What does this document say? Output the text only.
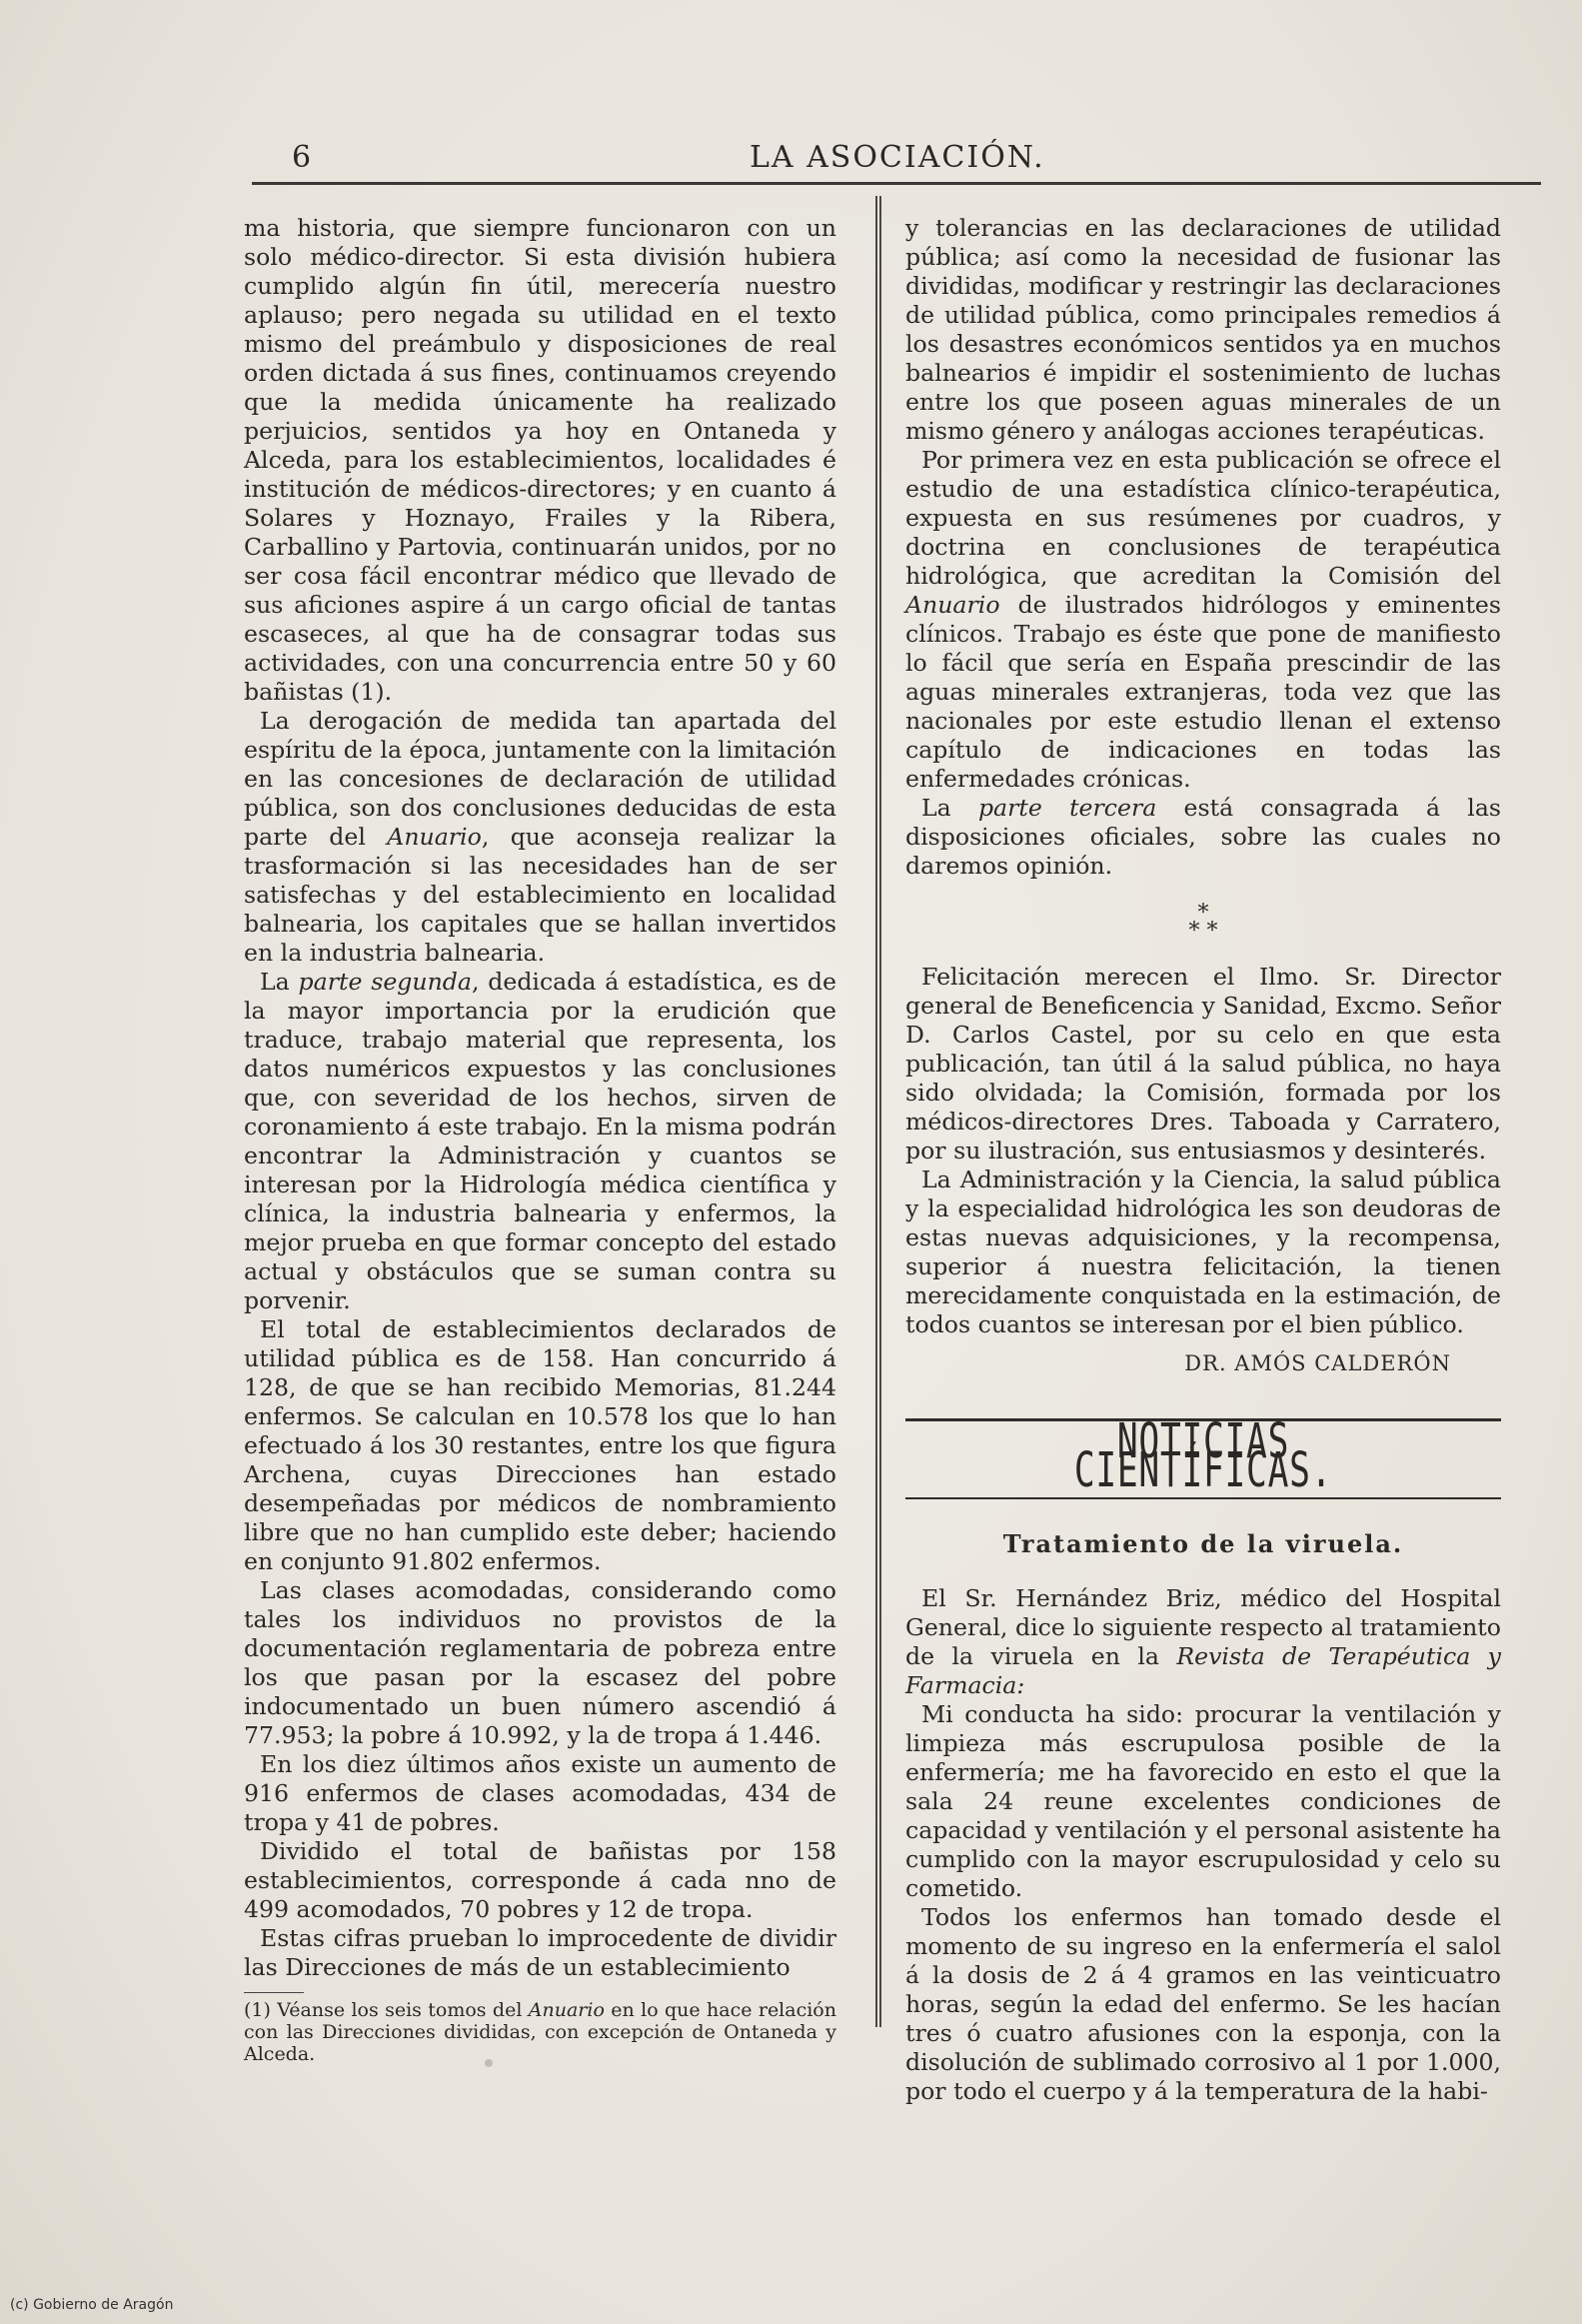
6	LA ASOCIACIÓN.

ma historia, que siempre funcionaron con un solo médico-director. Si esta división hubiera cumplido algún fin útil, merecería nuestro aplauso; pero negada su utilidad en el texto mismo del preámbulo y disposiciones de real orden dictada á sus fines, continuamos creyendo que la medida únicamente ha realizado perjuicios, sentidos ya hoy en Ontaneda y Alceda, para los establecimientos, localidades é institución de médicos-directores; y en cuanto á Solares y Hoznayo, Frailes y la Ribera, Carballino y Partovia, continuarán unidos, por no ser cosa fácil encontrar médico que llevado de sus aficiones aspire á un cargo oficial de tantas escaseces, al que ha de consagrar todas sus actividades, con una concurrencia entre 50 y 60 bañistas (1).

La derogación de medida tan apartada del espíritu de la época, juntamente con la limitación en las concesiones de declaración de utilidad pública, son dos conclusiones deducidas de esta parte del Anuario, que aconseja realizar la trasformación si las necesidades han de ser satisfechas y del establecimiento en localidad balnearia, los capitales que se hallan invertidos en la industria balnearia.

La parte segunda, dedicada á estadística, es de la mayor importancia por la erudición que traduce, trabajo material que representa, los datos numéricos expuestos y las conclusiones que, con severidad de los hechos, sirven de coronamiento á este trabajo. En la misma podrán encontrar la Administración y cuantos se interesan por la Hidrología médica científica y clínica, la industria balnearia y enfermos, la mejor prueba en que formar concepto del estado actual y obstáculos que se suman contra su porvenir.

El total de establecimientos declarados de utilidad pública es de 158. Han concurrido á 128, de que se han recibido Memorias, 81.244 enfermos. Se calculan en 10.578 los que lo han efectuado á los 30 restantes, entre los que figura Archena, cuyas Direcciones han estado desempeñadas por médicos de nombramiento libre que no han cumplido este deber; haciendo en conjunto 91.802 enfermos.

Las clases acomodadas, considerando como tales los individuos no provistos de la documentación reglamentaria de pobreza entre los que pasan por la escasez del pobre indocumentado un buen número ascendió á 77.953; la pobre á 10.992, y la de tropa á 1.446.

En los diez últimos años existe un aumento de 916 enfermos de clases acomodadas, 434 de tropa y 41 de pobres.

Dividido el total de bañistas por 158 establecimientos, corresponde á cada nno de 499 acomodados, 70 pobres y 12 de tropa.

Estas cifras prueban lo improcedente de dividir las Direcciones de más de un establecimiento

(1) Véanse los seis tomos del Anuario en lo que hace relación con las Direcciones divididas, con excepción de Ontaneda y Alceda.

y tolerancias en las declaraciones de utilidad pública; así como la necesidad de fusionar las divididas, modificar y restringir las declaraciones de utilidad pública, como principales remedios á los desastres económicos sentidos ya en muchos balnearios é impidir el sostenimiento de luchas entre los que poseen aguas minerales de un mismo género y análogas acciones terapéuticas.

Por primera vez en esta publicación se ofrece el estudio de una estadística clínico-terapéutica, expuesta en sus resúmenes por cuadros, y doctrina en conclusiones de terapéutica hidrológica, que acreditan la Comisión del Anuario de ilustrados hidrólogos y eminentes clínicos. Trabajo es éste que pone de manifiesto lo fácil que sería en España prescindir de las aguas minerales extranjeras, toda vez que las nacionales por este estudio llenan el extenso capítulo de indicaciones en todas las enfermedades crónicas.

La parte tercera está consagrada á las disposiciones oficiales, sobre las cuales no daremos opinión.

*
* *

Felicitación merecen el Ilmo. Sr. Director general de Beneficencia y Sanidad, Excmo. Señor D. Carlos Castel, por su celo en que esta publicación, tan útil á la salud pública, no haya sido olvidada; la Comisión, formada por los médicos-directores Dres. Taboada y Carratero, por su ilustración, sus entusiasmos y desinterés.

La Administración y la Ciencia, la salud pública y la especialidad hidrológica les son deudoras de estas nuevas adquisiciones, y la recompensa, superior á nuestra felicitación, la tienen merecidamente conquistada en la estimación, de todos cuantos se interesan por el bien público.

DR. AMÓS CALDERÓN
NOTICIAS CIENTÍFICAS.
Tratamiento de la viruela.

El Sr. Hernández Briz, médico del Hospital General, dice lo siguiente respecto al tratamiento de la viruela en la Revista de Terapéutica y Farmacia:

Mi conducta ha sido: procurar la ventilación y limpieza más escrupulosa posible de la enfermería; me ha favorecido en esto el que la sala 24 reune excelentes condiciones de capacidad y ventilación y el personal asistente ha cumplido con la mayor escrupulosidad y celo su cometido.

Todos los enfermos han tomado desde el momento de su ingreso en la enfermería el salol á la dosis de 2 á 4 gramos en las veinticuatro horas, según la edad del enfermo. Se les hacían tres ó cuatro afusiones con la esponja, con la disolución de sublimado corrosivo al 1 por 1.000, por todo el cuerpo y á la temperatura de la habi-

(c) Gobierno de Aragón
